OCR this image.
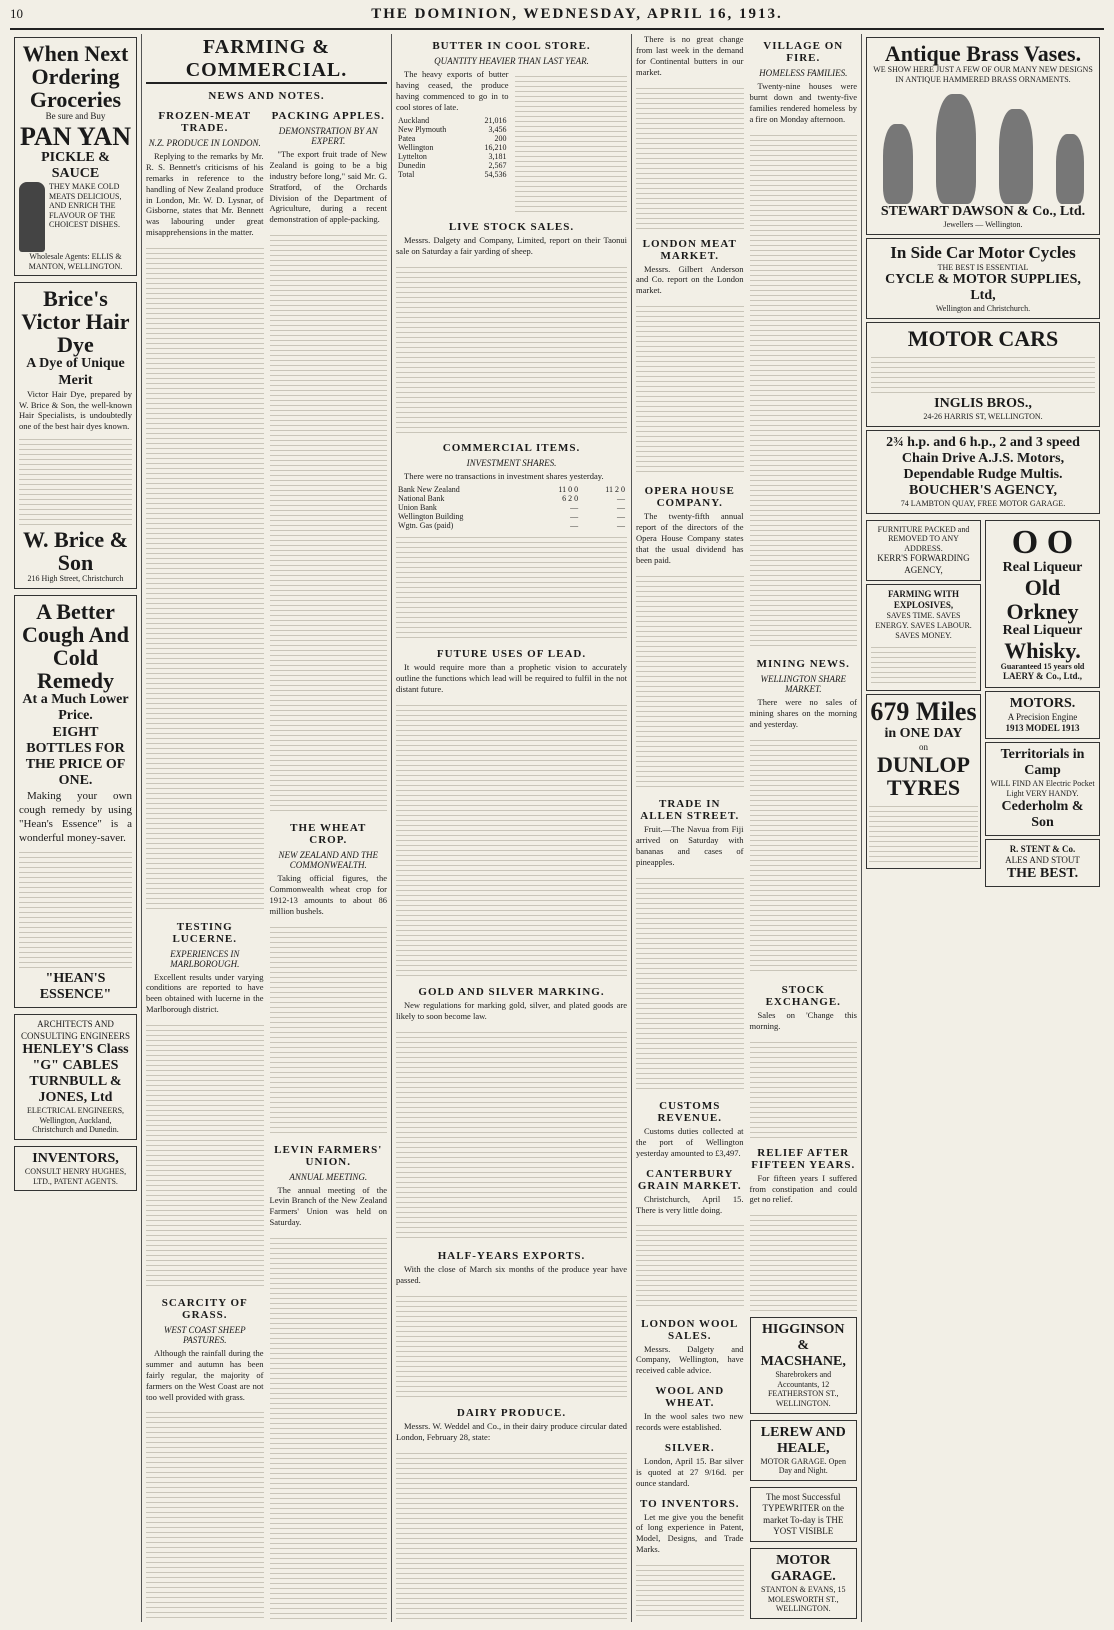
10	THE DOMINION, WEDNESDAY, APRIL 16, 1913.
When Next
Ordering
Groceries
Be sure and Buy
PAN YAN
PICKLE & SAUCE
THEY MAKE COLD MEATS DELICIOUS, AND ENRICH THE FLAVOUR OF THE CHOICEST DISHES.
Wholesale Agents: ELLIS & MANTON, WELLINGTON.
Brice's Victor Hair Dye
A Dye of Unique Merit

Victor Hair Dye, prepared by W. Brice & Son, the well-known Hair Specialists, is undoubtedly one of the best hair dyes known.

W. Brice & Son
216 High Street, Christchurch
A Better Cough And Cold Remedy
At a Much Lower Price.
EIGHT BOTTLES FOR THE PRICE OF ONE.

Making your own cough remedy by using "Hean's Essence" is a wonderful money-saver.

"HEAN'S ESSENCE"
ARCHITECTS AND CONSULTING ENGINEERS
HENLEY'S Class "G" CABLES
TURNBULL & JONES, Ltd
ELECTRICAL ENGINEERS, Wellington, Auckland, Christchurch and Dunedin.
INVENTORS,
CONSULT HENRY HUGHES, LTD., PATENT AGENTS.
FARMING & COMMERCIAL.
NEWS AND NOTES.
FROZEN-MEAT TRADE.
N.Z. PRODUCE IN LONDON.

Replying to the remarks by Mr. R. S. Bennett's criticisms of his remarks in reference to the handling of New Zealand produce in London, Mr. W. D. Lysnar, of Gisborne, states that Mr. Bennett was labouring under great misapprehensions in the matter.

TESTING LUCERNE.
EXPERIENCES IN MARLBOROUGH.

Excellent results under varying conditions are reported to have been obtained with lucerne in the Marlborough district.

SCARCITY OF GRASS.
WEST COAST SHEEP PASTURES.

Although the rainfall during the summer and autumn has been fairly regular, the majority of farmers on the West Coast are not too well provided with grass.

PACKING APPLES.
DEMONSTRATION BY AN EXPERT.

"The export fruit trade of New Zealand is going to be a big industry before long," said Mr. G. Stratford, of the Orchards Division of the Department of Agriculture, during a recent demonstration of apple-packing.

THE WHEAT CROP.
NEW ZEALAND AND THE COMMONWEALTH.

Taking official figures, the Commonwealth wheat crop for 1912-13 amounts to about 86 million bushels.

LEVIN FARMERS' UNION.
ANNUAL MEETING.

The annual meeting of the Levin Branch of the New Zealand Farmers' Union was held on Saturday.

BUTTER IN COOL STORE.
QUANTITY HEAVIER THAN LAST YEAR.

The heavy exports of butter having ceased, the produce having commenced to go in to cool stores of late.

Auckland	21,016
New Plymouth	3,456
Patea	200
Wellington	16,210
Lyttelton	3,181
Dunedin	2,567
Total	54,536
LIVE STOCK SALES.

Messrs. Dalgety and Company, Limited, report on their Taonui sale on Saturday a fair yarding of sheep.

COMMERCIAL ITEMS.
INVESTMENT SHARES.

There were no transactions in investment shares yesterday.

Bank New Zealand	11 0 0	11 2 0
National Bank	6 2 0	—
Union Bank	—	—
Wellington Building	—	—
Wgtn. Gas (paid)	—	—
FUTURE USES OF LEAD.

It would require more than a prophetic vision to accurately outline the functions which lead will be required to fulfil in the not distant future.

GOLD AND SILVER MARKING.

New regulations for marking gold, silver, and plated goods are likely to soon become law.

HALF-YEARS EXPORTS.

With the close of March six months of the produce year have passed.

DAIRY PRODUCE.

Messrs. W. Weddel and Co., in their dairy produce circular dated London, February 28, state:

There is no great change from last week in the demand for Continental butters in our market.

LONDON MEAT MARKET.

Messrs. Gilbert Anderson and Co. report on the London market.

OPERA HOUSE COMPANY.

The twenty-fifth annual report of the directors of the Opera House Company states that the usual dividend has been paid.

TRADE IN ALLEN STREET.

Fruit.—The Navua from Fiji arrived on Saturday with bananas and cases of pineapples.

CUSTOMS REVENUE.

Customs duties collected at the port of Wellington yesterday amounted to £3,497.

CANTERBURY GRAIN MARKET.

Christchurch, April 15. There is very little doing.

LONDON WOOL SALES.

Messrs. Dalgety and Company, Wellington, have received cable advice.

WOOL AND WHEAT.

In the wool sales two new records were established.

SILVER.

London, April 15. Bar silver is quoted at 27 9/16d. per ounce standard.

TO INVENTORS.

Let me give you the benefit of long experience in Patent, Model, Designs, and Trade Marks.

VILLAGE ON FIRE.
HOMELESS FAMILIES.

Twenty-nine houses were burnt down and twenty-five families rendered homeless by a fire on Monday afternoon.

MINING NEWS.
WELLINGTON SHARE MARKET.

There were no sales of mining shares on the morning and yesterday.

STOCK EXCHANGE.

Sales on 'Change this morning.

RELIEF AFTER FIFTEEN YEARS.

For fifteen years I suffered from constipation and could get no relief.

HIGGINSON & MACSHANE,
Sharebrokers and Accountants, 12 FEATHERSTON ST., WELLINGTON.
LEREW AND HEALE,
MOTOR GARAGE. Open Day and Night.
The most Successful TYPEWRITER on the market To-day is THE YOST VISIBLE
MOTOR GARAGE.
STANTON & EVANS, 15 MOLESWORTH ST., WELLINGTON.
Antique Brass Vases.
WE SHOW HERE JUST A FEW OF OUR MANY NEW DESIGNS IN ANTIQUE HAMMERED BRASS ORNAMENTS.
STEWART DAWSON & Co., Ltd.
Jewellers — Wellington.
In Side Car Motor Cycles
THE BEST IS ESSENTIAL
CYCLE & MOTOR SUPPLIES, Ltd,
Wellington and Christchurch.
MOTOR CARS
INGLIS BROS.,
24-26 HARRIS ST, WELLINGTON.
2¾ h.p. and 6 h.p., 2 and 3 speed Chain Drive A.J.S. Motors, Dependable Rudge Multis.
BOUCHER'S AGENCY,
74 LAMBTON QUAY, FREE MOTOR GARAGE.
FURNITURE PACKED and REMOVED TO ANY ADDRESS.
KERR'S FORWARDING AGENCY,
FARMING WITH EXPLOSIVES,
SAVES TIME. SAVES ENERGY. SAVES LABOUR. SAVES MONEY.
679 Miles
in ONE DAY
on
DUNLOP
TYRES
O O
Real Liqueur
Old
Orkney
Real Liqueur
Whisky.
Guaranteed 15 years old
LAERY & Co., Ltd.,
MOTORS.
A Precision Engine
1913 MODEL 1913
Territorials in Camp
WILL FIND AN Electric Pocket Light VERY HANDY.
Cederholm & Son
R. STENT & Co.
ALES AND STOUT
THE BEST.
